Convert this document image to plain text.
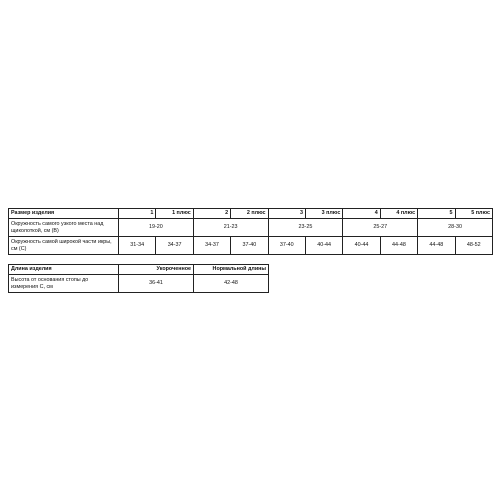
Размер изделия	1	1 плюс	2	2 плюс	3	3 плюс	4	4 плюс	5	5 плюс
Окружность самого узкого места над щиколоткой, см (B)	19-20		21-23		23-25		25-27		28-30	
Окружность самой широкой части икры, см (C)	31-34	34-37	34-37	37-40	37-40	40-44	40-44	44-48	44-48	48-52
Длина изделия	Укороченное	Нормальной длины
Высота от основания стопы до измерения C, см	36-41	42-48
